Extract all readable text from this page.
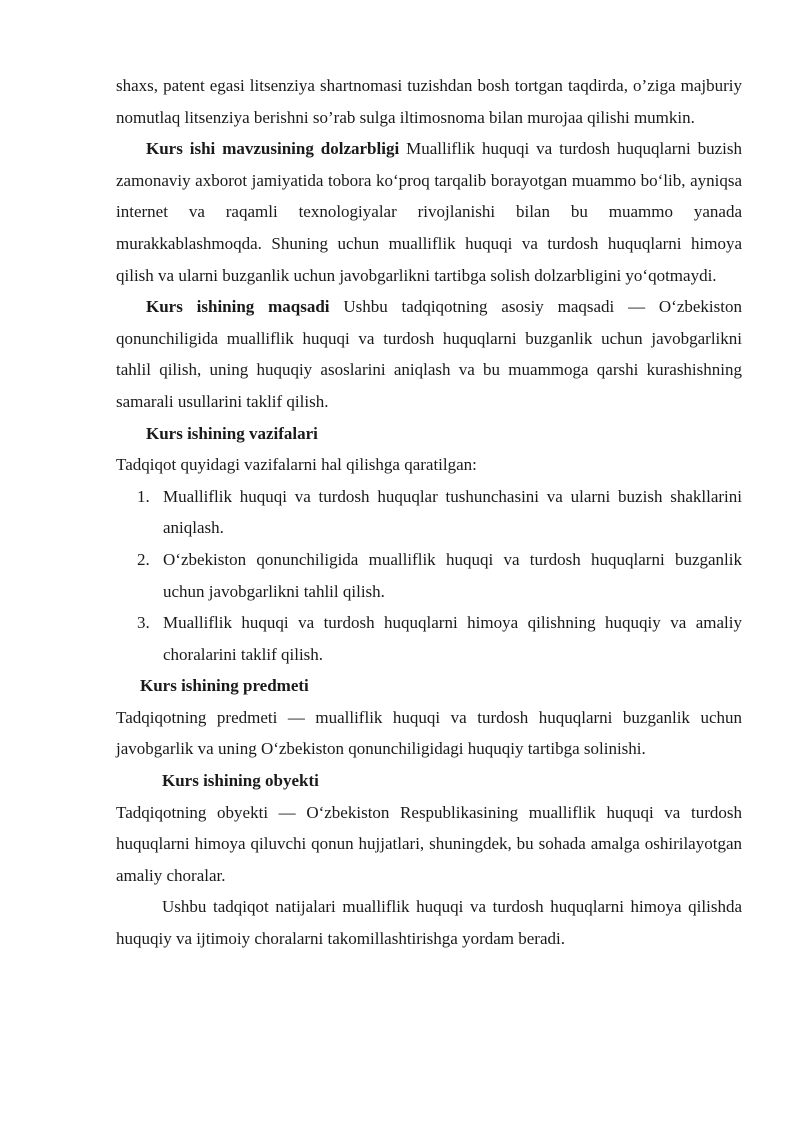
shaxs, patent egasi litsenziya shartnomasi tuzishdan bosh tortgan taqdirda, o’ziga majburiy nomutlaq litsenziya berishni so’rab sulga iltimosnoma bilan murojaa qilishi mumkin.

Kurs ishi mavzusining dolzarbligi Mualliflik huquqi va turdosh huquqlarni buzish zamonaviy axborot jamiyatida tobora koʻproq tarqalib borayotgan muammo boʻlib, ayniqsa internet va raqamli texnologiyalar rivojlanishi bilan bu muammo yanada murakkablashmoqda. Shuning uchun mualliflik huquqi va turdosh huquqlarni himoya qilish va ularni buzganlik uchun javobgarlikni tartibga solish dolzarbligini yoʻqotmaydi.

Kurs ishining maqsadi Ushbu tadqiqotning asosiy maqsadi — Oʻzbekiston qonunchiligida mualliflik huquqi va turdosh huquqlarni buzganlik uchun javobgarlikni tahlil qilish, uning huquqiy asoslarini aniqlash va bu muammoga qarshi kurashishning samarali usullarini taklif qilish.

Kurs ishining vazifalari

Tadqiqot quyidagi vazifalarni hal qilishga qaratilgan:

1. Mualliflik huquqi va turdosh huquqlar tushunchasini va ularni buzish shakllarini aniqlash.
2. Oʻzbekiston qonunchiligida mualliflik huquqi va turdosh huquqlarni buzganlik uchun javobgarlikni tahlil qilish.
3. Mualliflik huquqi va turdosh huquqlarni himoya qilishning huquqiy va amaliy choralarini taklif qilish.

Kurs ishining predmeti

Tadqiqotning predmeti — mualliflik huquqi va turdosh huquqlarni buzganlik uchun javobgarlik va uning Oʻzbekiston qonunchiligidagi huquqiy tartibga solinishi.

Kurs ishining obyekti

Tadqiqotning obyekti — Oʻzbekiston Respublikasining mualliflik huquqi va turdosh huquqlarni himoya qiluvchi qonun hujjatlari, shuningdek, bu sohada amalga oshirilayotgan amaliy choralar.

Ushbu tadqiqot natijalari mualliflik huquqi va turdosh huquqlarni himoya qilishda huquqiy va ijtimoiy choralarni takomillashtirishga yordam beradi.
